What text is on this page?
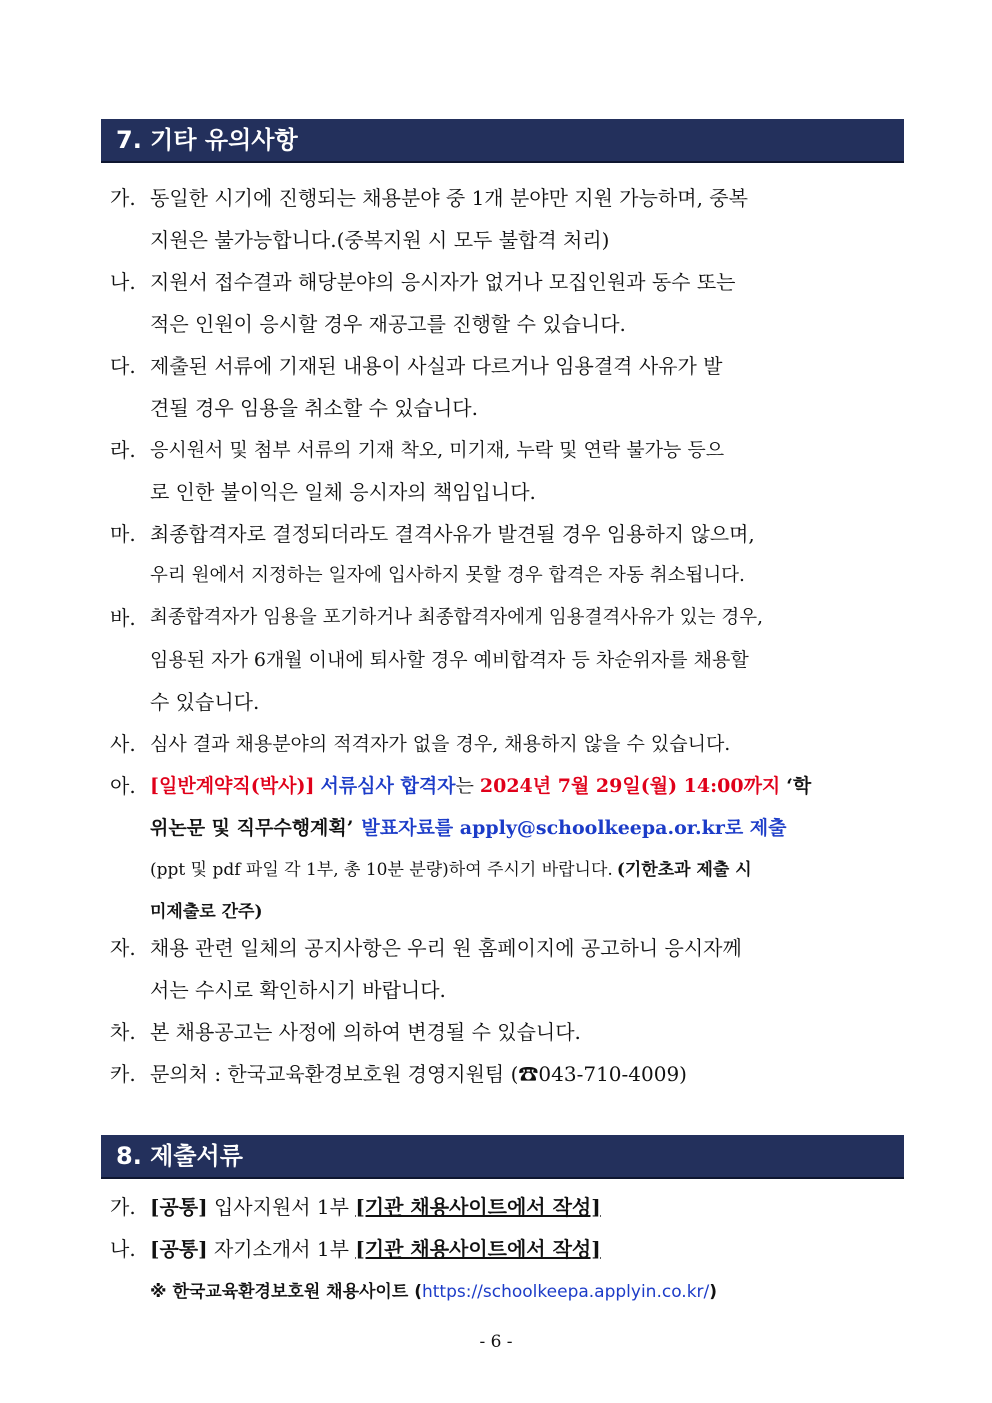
7. 기타 유의사항
가. 동일한 시기에 진행되는 채용분야 중 1개 분야만 지원 가능하며, 중복
지원은 불가능합니다.(중복지원 시 모두 불합격 처리)
나. 지원서 접수결과 해당분야의 응시자가 없거나 모집인원과 동수 또는
적은 인원이 응시할 경우 재공고를 진행할 수 있습니다.
다. 제출된 서류에 기재된 내용이 사실과 다르거나 임용결격 사유가 발
견될 경우 임용을 취소할 수 있습니다.
라. 응시원서 및 첨부 서류의 기재 착오, 미기재, 누락 및 연락 불가능 등으
로 인한 불이익은 일체 응시자의 책임입니다.
마. 최종합격자로 결정되더라도 결격사유가 발견될 경우 임용하지 않으며,
우리 원에서 지정하는 일자에 입사하지 못할 경우 합격은 자동 취소됩니다.
바. 최종합격자가 임용을 포기하거나 최종합격자에게 임용결격사유가 있는 경우,
임용된 자가 6개월 이내에 퇴사할 경우 예비합격자 등 차순위자를 채용할
수 있습니다.
사. 심사 결과 채용분야의 적격자가 없을 경우, 채용하지 않을 수 있습니다.
아. [일반계약직(박사)] 서류심사 합격자 는 2024년 7월 29일(월) 14:00까지 ‘학
위논문 및 직무수행계획’ 발표자료를 apply@schoolkeepa.or.kr로 제출
(ppt 및 pdf 파일 각 1부, 총 10분 분량)하여 주시기 바랍니다. (기한초과 제출 시
미제출로 간주)
자. 채용 관련 일체의 공지사항은 우리 원 홈페이지에 공고하니 응시자께
서는 수시로 확인하시기 바랍니다.
차. 본 채용공고는 사정에 의하여 변경될 수 있습니다.
카. 문의처 : 한국교육환경보호원 경영지원팀 (☎043-710-4009)
8. 제출서류
가. [공통]
입사지원서 1부
[기관 채용사이트에서 작성]
나. [공통]
자기소개서 1부
[기관 채용사이트에서 작성]
※ 한국교육환경보호원 채용사이트 (https://schoolkeepa.applyin.co.kr/)
- 6 -
